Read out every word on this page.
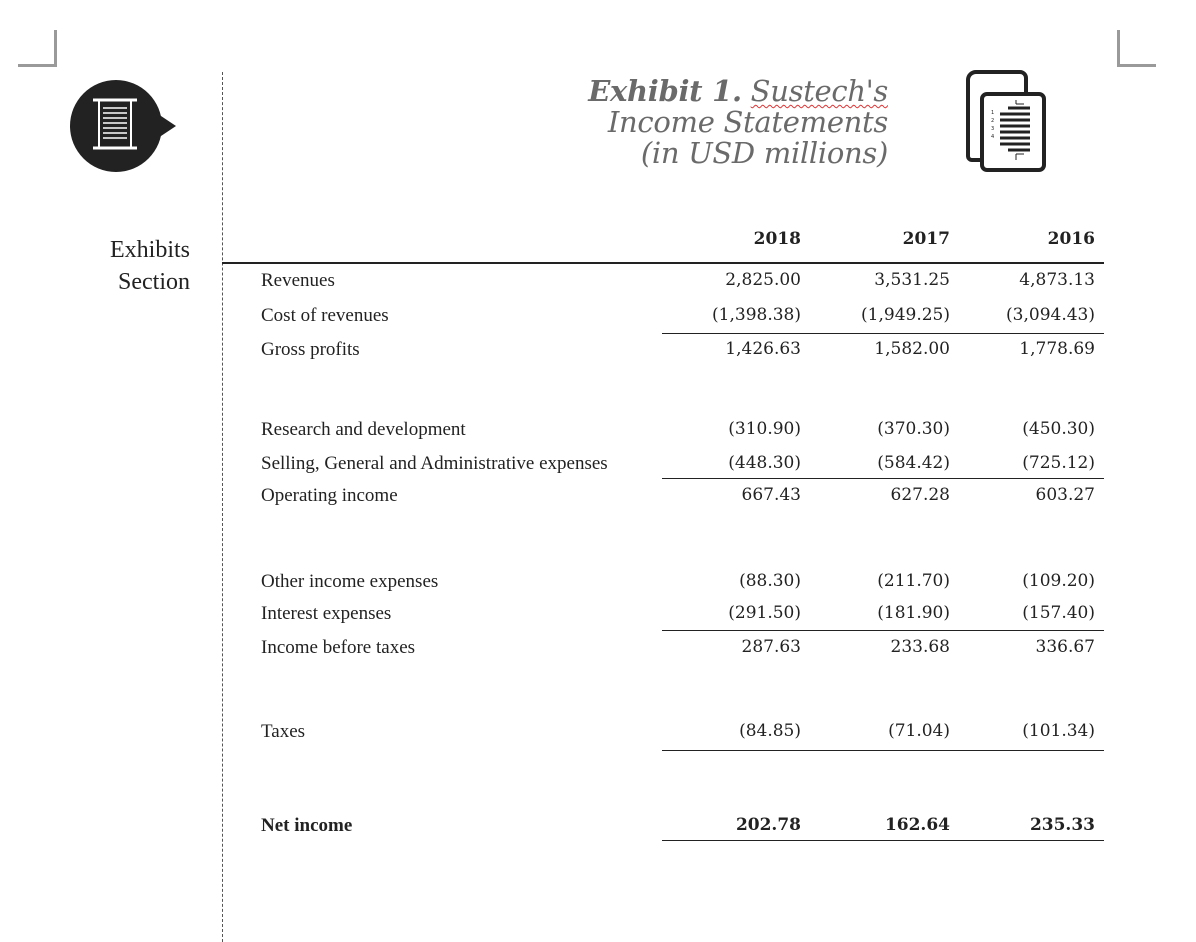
Exhibits
Section
Exhibit 1. Sustech's
Income Statements
(in USD millions)
1
2
3
4
2018	2017	2016
Revenues	2,825.00	3,531.25	4,873.13
Cost of revenues	(1,398.38)	(1,949.25)	(3,094.43)
Gross profits	1,426.63	1,582.00	1,778.69
Research and development	(310.90)	(370.30)	(450.30)
Selling, General and Administrative expenses	(448.30)	(584.42)	(725.12)
Operating income	667.43	627.28	603.27
Other income expenses	(88.30)	(211.70)	(109.20)
Interest expenses	(291.50)	(181.90)	(157.40)
Income before taxes	287.63	233.68	336.67
Taxes	(84.85)	(71.04)	(101.34)
Net income	202.78	162.64	235.33
